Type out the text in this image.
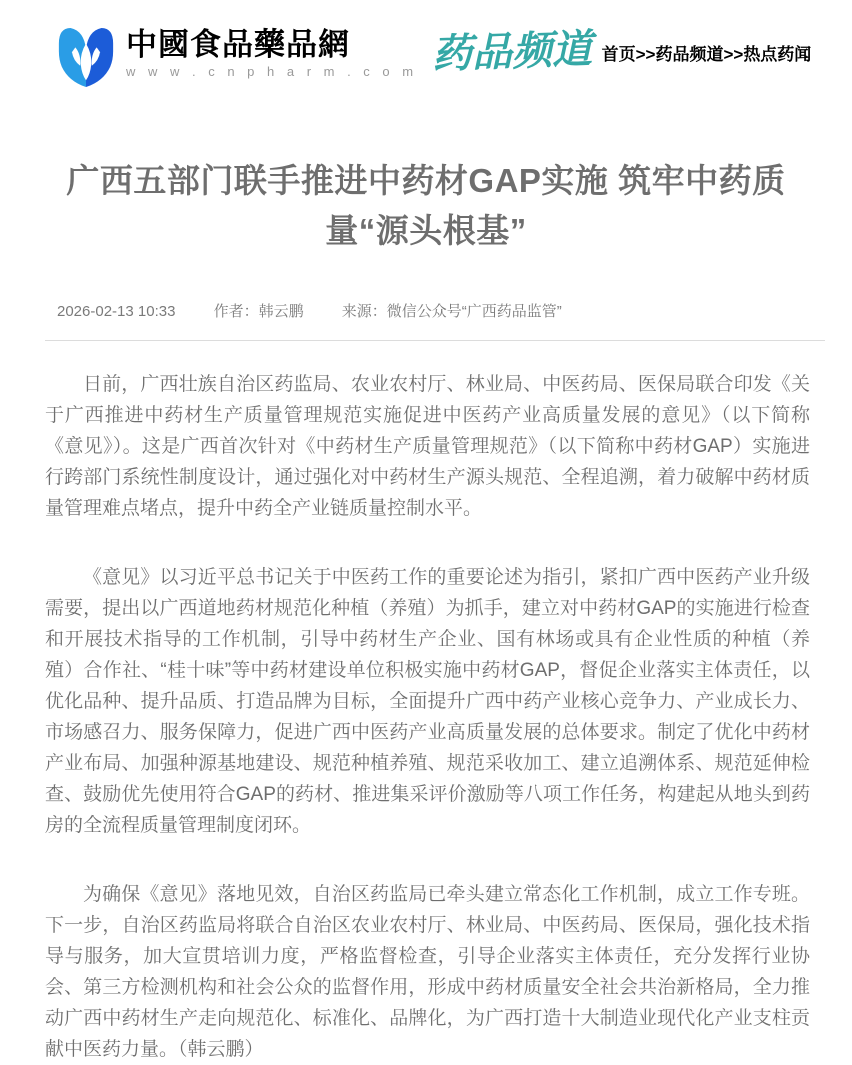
中國食品藥品網
w w w . c n p h a r m . c o m 药品频道 首页>>药品频道>>热点药闻
广西五部门联手推进中药材GAP实施 筑牢中药质量“源头根基”
2026-02-13 10:33	作者：韩云鹏	来源：微信公众号“广西药品监管”

日前，广西壮族自治区药监局、农业农村厅、林业局、中医药局、医保局联合印发《关于广西推进中药材生产质量管理规范实施促进中医药产业高质量发展的意见》（以下简称《意见》）。这是广西首次针对《中药材生产质量管理规范》（以下简称中药材GAP）实施进行跨部门系统性制度设计，通过强化对中药材生产源头规范、全程追溯，着力破解中药材质量管理难点堵点，提升中药全产业链质量控制水平。

《意见》以习近平总书记关于中医药工作的重要论述为指引，紧扣广西中医药产业升级需要，提出以广西道地药材规范化种植（养殖）为抓手，建立对中药材GAP的实施进行检查和开展技术指导的工作机制，引导中药材生产企业、国有林场或具有企业性质的种植（养殖）合作社、“桂十味”等中药材建设单位积极实施中药材GAP，督促企业落实主体责任，以优化品种、提升品质、打造品牌为目标，全面提升广西中药产业核心竞争力、产业成长力、市场感召力、服务保障力，促进广西中医药产业高质量发展的总体要求。制定了优化中药材产业布局、加强种源基地建设、规范种植养殖、规范采收加工、建立追溯体系、规范延伸检查、鼓励优先使用符合GAP的药材、推进集采评价激励等八项工作任务，构建起从地头到药房的全流程质量管理制度闭环。

为确保《意见》落地见效，自治区药监局已牵头建立常态化工作机制，成立工作专班。下一步，自治区药监局将联合自治区农业农村厅、林业局、中医药局、医保局，强化技术指导与服务，加大宣贯培训力度，严格监督检查，引导企业落实主体责任，充分发挥行业协会、第三方检测机构和社会公众的监督作用，形成中药材质量安全社会共治新格局，全力推动广西中药材生产走向规范化、标准化、品牌化，为广西打造十大制造业现代化产业支柱贡献中医药力量。（韩云鹏）
